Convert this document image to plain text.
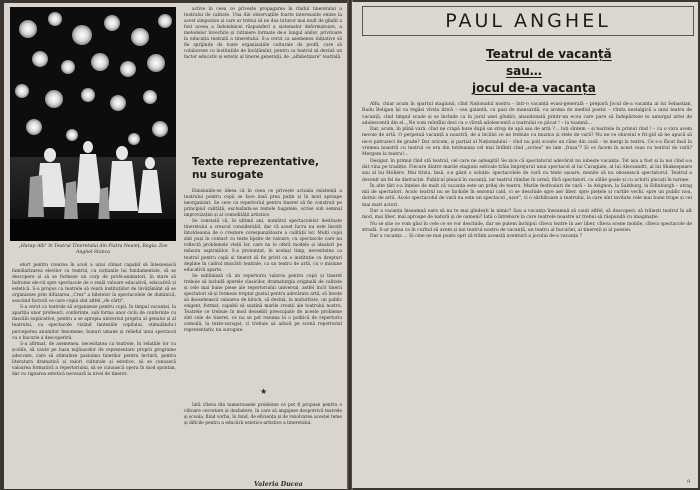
„Harap Alb" în Teatrul Tineretului din Piatra Neamț, Regia: Zoe Anghel-Stanca

efort pentru crearea în școli a unui climat capabil să înlesnească familiarizarea elevilor cu teatrul, cu noțiunile lui fundamentale, să se descopere și să se formeze un corp de profe-animatori, în stare să îndrume ele-vii spre spectacole de o reală valoare educativă, educativă și estetică. S-a propus ca teatrele să ceară instituțiilor de învățământ să se organizeze prin difuzarea „Crez" a biletelor la spectacolele de duminică, asociind factorii ce care copiii sînt altfel „de cărți".

S-a cerut ca teatrele să organizeze pentru copii, în timpul vacanței, la apariția unor profesori, conferințe, sub forma unor ciclu de conferințe cu dascălii explicative, pentru a se apropia universul propriu al genului și al teatrului, cu spectacole vizând fanteziile copilului, stimulându-i perceperea anumitor fenomene, bunuri umane și relieful unui spectacol cu o bucurie a descoperirii.

S-a afirmat, de asemenea, necesitatea ca teatrele, în relațiile lor cu școlile, să caute pe baza mijloacelor de reprezentare proprii programe adecvate, care să stimuleze pasiunea tinerilor pentru lectură, pentru literatura dramatică și valori culturale și estetice, să se cunoască valoarea formativă a repertoriului, să se cunoască opera în mod spontan, dar cu rigoarea estetică necesară la nivel de tineret.

active în ceea ce privește propagarea în rîndul tineretului a teatrului de calitate. Una din observațiile foarte interesante emise la acest simpozion și care ar trebui să ne dea tuturor mai mult de gîndit a fost aceea a îndoielnicei răspunderi a sistemelor deformatoare, a metodelor învechite și rutiniere formate de-a lungul anilor, privitoare la educația teatrală a tineretului. S-a cerut ca asemenea inițiative să fie sprijinite de toate organizațiile culturale de profil, care să colaboreze cu instituțiile de învățămînt, pentru ca teatrul să devină un factor educativ și estetic al tinerei generații, de ,,alfabetizare" teatrală.

Texte reprezentative, nu surogate

Emisiunile-se ideea că în ceea ce privește actuala existență a teatrului pentru copii se face insă prea puțin și în mod aproape neorganizat. Se cere ca repertoriul pentru tineret să fie construit pe principiul calității, excluzîndu-se textele bagatele, scrise sub semnul improvizației și al comodității artistice.

Se constată că, în ultimii ani, numărul spectacolelor destinate tineretului a crescut considerabil, dar că acest lucru nu este însoțit întotdeauna de o creștere corespunzătoare a calității lor. Mulți copii sînt puși în contact cu texte lipsite de valoare, cu spectacole care nu reflectă problemele vieții lor, care nu le oferă modele și idealuri pe măsura aspirațiilor. S-a pronunțat, în același timp, necesitatea ca teatrul pentru copii și tineret să fie privit ca o instituție cu drepturi depline în cadrul mișcării teatrale, ca un teatru de artă, cu o misiune educativă aparte.

Se subliniază că un repertoriu valoros pentru copii și tineret trebuie să includă operele clasicilor, dramaturgia originală de calitate și cele mai bune piese ale repertoriului universal, astfel încît tinerii spectatori să-și formeze treptat gustul pentru adevărata artă, să învețe să deosebească valoarea de kitsch, să devină, la maturitate, un public exigent, format, capabil să susțină marile creații ale teatrului nostru. Teatrele ce trebuie în mod deosebit preocupate de aceste probleme sînt cele de tineret, ce nu se pot rezuma la o politică de repertoriu comodă, la texte-surogat, ci trebuie să aducă pe scenă repertoriul reprezentativ, nu surogate.

★

Iată cîteva din numeroasele probleme ce pot fi propuse pentru o viitoare cercetare și dezbatere, în care să angajeze deopotrivă teatrele și școala, fiind vorba, în fond, de eficiența și de rezolvarea acestei teme și dificile pentru a educării estetico-artistice a tineretului.

Valeria Ducea
PAUL ANGHEL
Teatrul de vacanță
sau…
jocul de-a vacanța

Alfu, chiar acum în sparțul stagiunii, cînd Naționalul nostru – într-o vacanță evasi-generală – prepară Jocul de-a vacanța al lui Sebastian, Radu Beligan își va regăsi vîrsta lirică – cea galantă, cu pasi de mansardă, cu aroma de mediul poetic – vîrsta nostalgică a unui teatru de vacanță, cînd timpul scade și se închide ca în jurul unei gîndiri; abandonată printr-un ecou care pare să îndepărteze te amurgul artei de adolescentă din el. „Ne vom reîntîlni deci cu o vîrstă adolescentă a teatrului ce păcat ! – la toamnă…

Dar, acum, în plină vară, cînd ne crapă buze după un strop de apă sau de artă ?… toți sîntem – și teatrele în primul rînd ! – cu o vara avem nevoie de artă. O perpetuă vacanță a noastră, de a încălzi ce ne trebuie cu muzica și stele de vară? Nu ne ce obiceiul e fri-gid să ne apucă să ne-n patruzeci de grade? Dar oricum, și parțial al Naționalului – cînd nu poți scoate un cîine din casă – te mergi la teatru. Ce s-a făcut însă la vremea noastră cu teatrul ce era din totdeauna cel mai întîlnit cînd „scriea" ne lam „fraza"? Și ce facem în acest ceas cu teatrul de vară? Mergem la teatru!…

Desigur, în primul rînd stă teatrul, cel care ne așteaptă! Se zice că spectatorul adevărat nu iubește vacanța. Tot așa a fost și la noi cînd s-a dat vina pe tradiție. Fiecare dintre marile stagiuni estivale trăia împrejurul unui spectacol al lui Caragiale, al lui Alecsandri, al lui Shakespeare sau al lui Molière. Mai tîrziu, însă, s-a găsit o soluție: spectacolele de vară cu texte ușoare, menite să nu obosească spectatorul. Teatrul a devenit un fel de distracție. Publicul pleacă în vacanță, iar teatrul rămîne în urmă, fără spectatori, cu sălile goale și cu actorii plecați în turnee.

În alte țări s-a înțeles de mult că vacanța este un prilej de teatru. Marile festivaluri de vară – la Avignon, la Salzburg, la Edinburgh – atrag mii de spectatori. Acolo teatrul nu se închide în sezonul cald, ci se deschide spre aer liber, spre piețele și curțile vechi, spre un public nou, dornic de artă. Acolo spectacolul de vară nu este un spectacol „ușor", ci o sărbătoare a teatrului, la care sînt invitate cele mai bune trupe și cei mai mari actori.

Dar a vacanța înseamnă oare să nu te mai gîndești la nimic? Sau a vacanța înseamnă să cauți altfel, să descoperi, să trăiești teatrul în alt mod, mai liber, mai aproape de natură și de oameni? Iată o întrebare la care teatrele noastre ar trebui să răspundă cu imaginație.

Nu se știe ce vom găsi în cele ce se vor deschide, dar ne putem închipui cîteva teatre în aer liber, cîteva scene mobile, cîteva spectacole de stradă. S-ar putea ca în curînd să avem și noi teatrul nostru de vacanță, un teatru al bucuriei, al tinereții și al poeziei.

Dar a vacanța … Și cine ne mai poate opri să trăim această aventură a jocului de-a vacanța ?

9
